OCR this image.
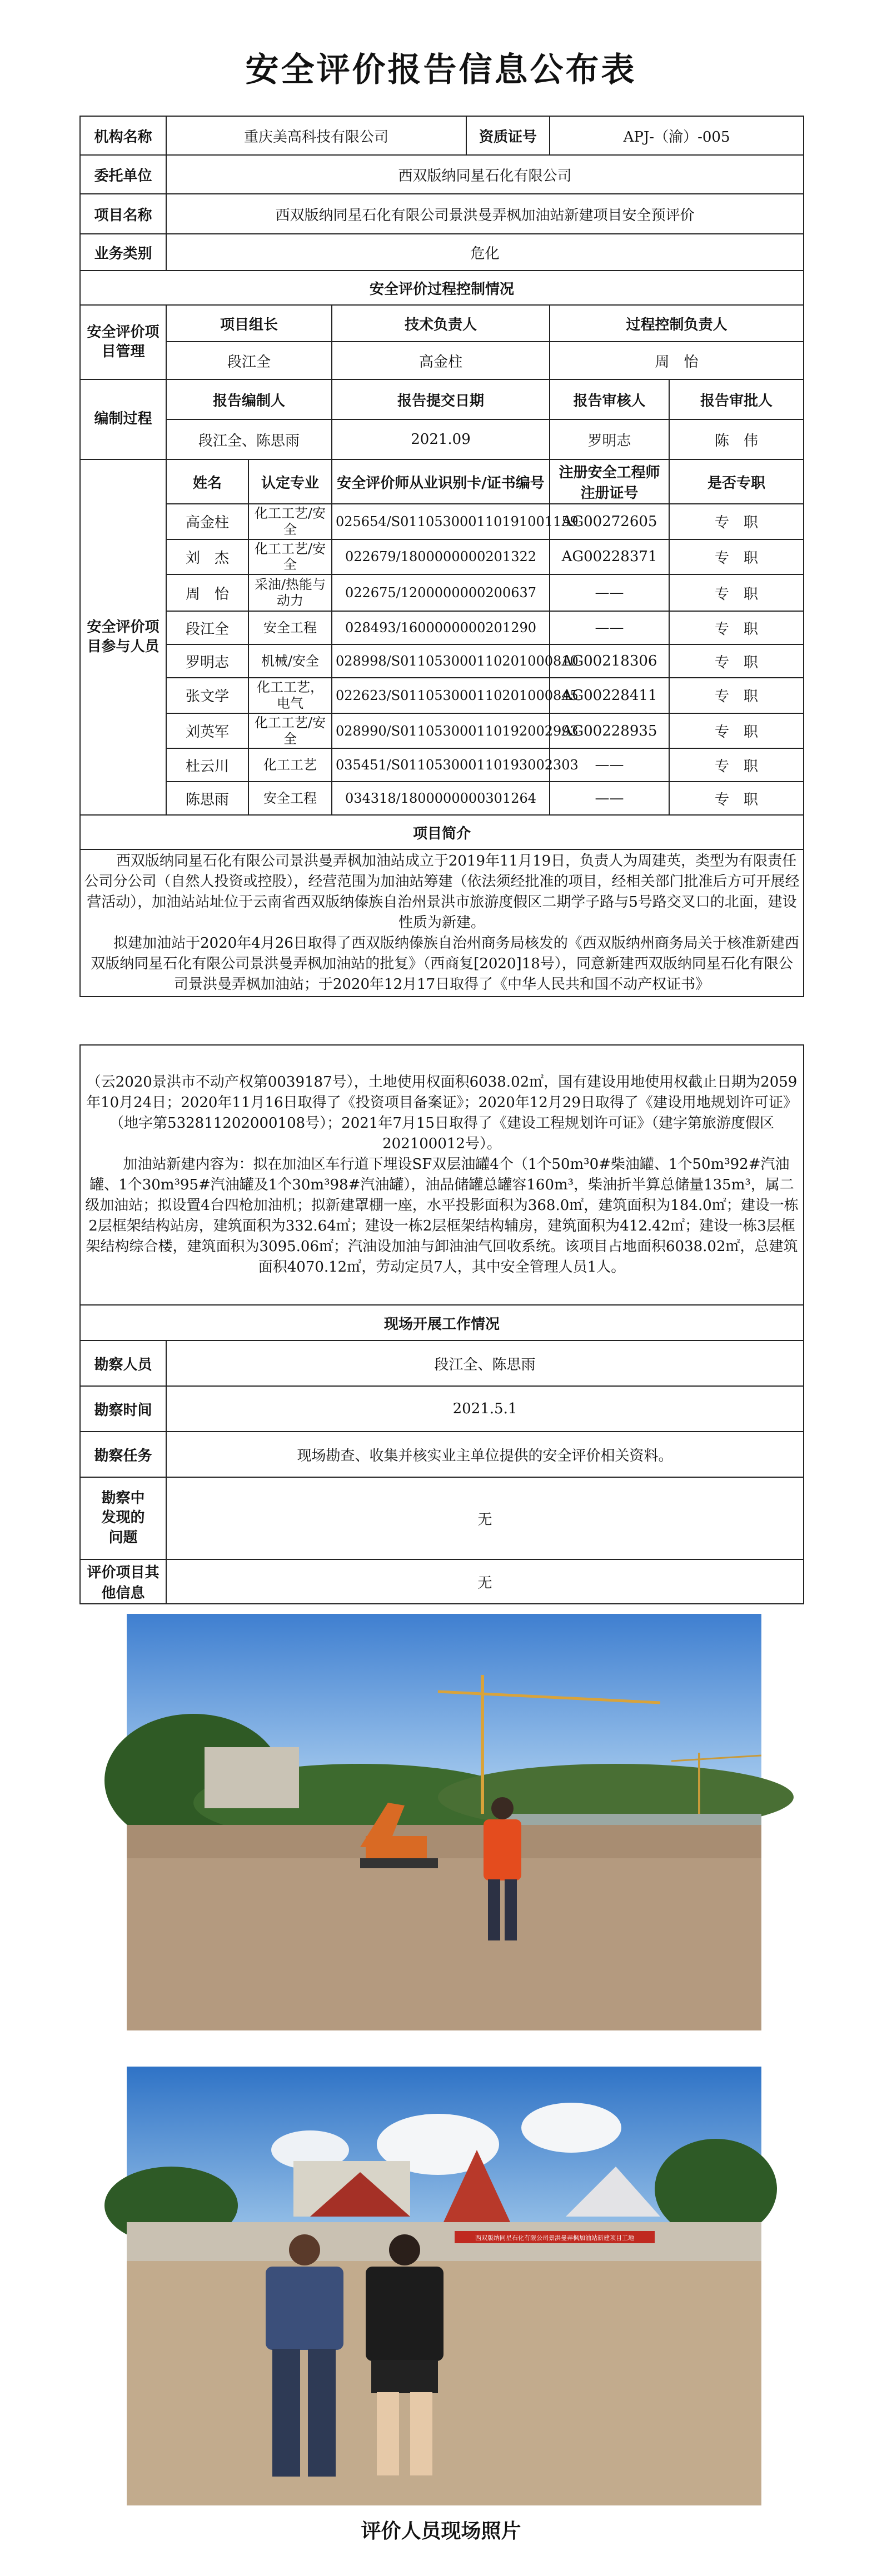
安全评价报告信息公布表
机构名称	重庆美高科技有限公司			资质证号	APJ-（渝）-005	
委托单位	西双版纳同星石化有限公司					
项目名称	西双版纳同星石化有限公司景洪曼弄枫加油站新建项目安全预评价					
业务类别	危化					
安全评价过程控制情况						
安全评价项目管理	项目组长		技术负责人		过程控制负责人	
	段江全		高金柱		周　怡	
编制过程	报告编制人		报告提交日期		报告审核人	报告审批人
	段江全、陈思雨		2021.09		罗明志	陈　伟
安全评价项目参与人员	姓名	认定专业	安全评价师从业识别卡/证书编号		注册安全工程师注册证号	是否专职
	高金柱	化工工艺/安全	025654/S011053000110191001159		AG002726​05	专　职
	刘　杰	化工工艺/安全	022679/1800000000201322		AG00228371	专　职
	周　怡	采油/热能与动力	022675/1200000000200637		——	专　职
	段江全	安全工程	028493/1600000000201290		——	专　职
	罗明志	机械/安全	028998/S011053000110201000810		AG00218306	专　职
	张文学	化工工艺，电气	022623/S011053000110201000845		AG00228411	专　职
	刘英军	化工工艺/安全	028990/S011053000110192002993		AG00228935	专　职
	杜云川	化工工艺	035451/S011053000110193002303		——	专　职
	陈思雨	安全工程	034318/1800000000301264		——	专　职
项目简介						

西双版纳同星石化有限公司景洪曼弄枫加油站成立于2019年11月19日，负责人为周建英，类型为有限责任公司分公司（自然人投资或控股），经营范围为加油站筹建（依法须经批准的项目，经相关部门批准后方可开展经营活动），加油站站址位于云南省西双版纳傣族自治州景洪市旅游度假区二期学子路与5号路交叉口的北面，建设性质为新建。

拟建加油站于2020年4月26日取得了西双版纳傣族自治州商务局核发的《西双版纳州商务局关于核准新建西双版纳同星石化有限公司景洪曼弄枫加油站的批复》（西商复[2020]18号），同意新建西双版纳同星石化有限公司景洪曼弄枫加油站；于2020年12月17日取得了《中华人民共和国不动产权证书》						

（云2020景洪市不动产权第0039187号），土地使用权面积6038.02㎡，国有建设用地使用权截止日期为2059年10月24日；2020年11月16日取得了《投资项目备案证》；2020年12月29日取得了《建设用地规划许可证》（地字第532811202000108号）；2021年7月15日取得了《建设工程规划许可证》（建字第旅游度假区202100012号）。

加油站新建内容为：拟在加油区车行道下埋设SF双层油罐4个（1个50m³0#柴油罐、1个50m³92#汽油罐、1个30m³95#汽油罐及1个30m³98#汽油罐），油品储罐总罐容160m³，柴油折半算总储量135m³，属二级加油站；拟设置4台四枪加油机；拟新建罩棚一座，水平投影面积为368.0㎡，建筑面积为184.0㎡；建设一栋2层框架结构站房，建筑面积为332.64㎡；建设一栋2层框架结构辅房，建筑面积为412.42㎡；建设一栋3层框架结构综合楼，建筑面积为3095.06㎡；汽油设加油与卸油油气回收系统。该项目占地面积6038.02㎡，总建筑面积4070.12㎡，劳动定员7人，其中安全管理人员1人。	

现场开展工作情况	
勘察人员	段江全、陈思雨
勘察时间	2021.5.1
勘察任务	现场勘查、收集并核实业主单位提供的安全评价相关资料。
勘察中发现的问题	无
评价项目其他信息	无
西双版纳同星石化有限公司景洪曼弄枫加油站新建项目工地
评价人员现场照片
